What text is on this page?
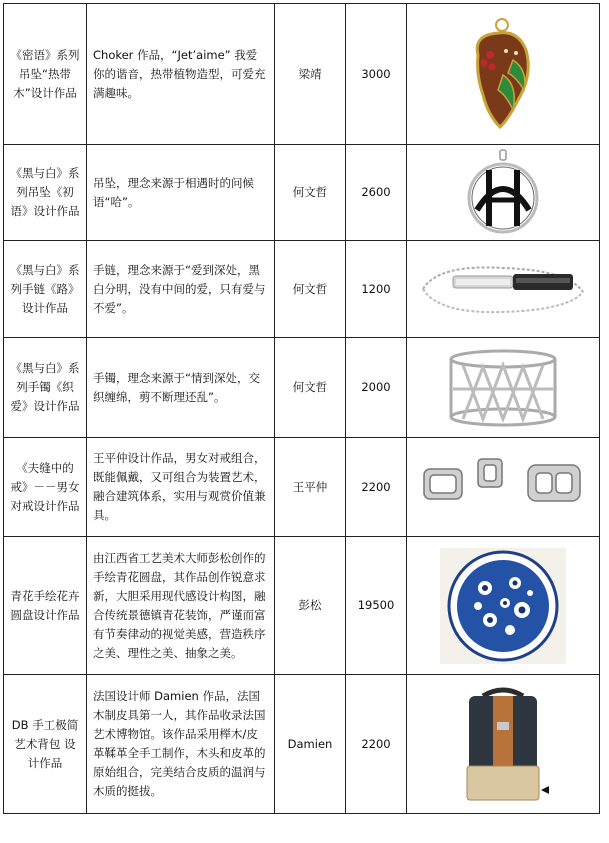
《密语》系列吊坠“热带木”设计作品	Choker 作品，“Jet’aime” 我爱你的谐音，热带植物造型，可爱充满趣味。	梁靖	3000	

《黑与白》系列吊坠《初语》设计作品	吊坠，理念来源于相遇时的问候语“哈”。	何文哲	2600	

《黑与白》系列手链《路》 设计作品	手链，理念来源于“爱到深处，黑白分明，没有中间的爱，只有爱与不爱”。	何文哲	1200	

《黑与白》系列手镯《织爱》设计作品	手镯，理念来源于“情到深处，交织缠绵，剪不断理还乱”。	何文哲	2000	

《夫缝中的戒》－－男女对戒设计作品	王平仲设计作品，男女对戒组合，既能佩戴，又可组合为装置艺术，融合建筑体系，实用与观赏价值兼具。	王平仲	2200	

青花手绘花卉圆盘设计作品	由江西省工艺美术大师彭松创作的手绘青花圆盘，其作品创作锐意求新，大胆采用现代感设计构图，融合传统景德镇青花装饰，严谨而富有节奏律动的视觉美感，营造秩序之美、理性之美、抽象之美。	彭松	19500	

DB 手工极简艺术背包 设计作品	法国设计师 Damien 作品，法国木制皮具第一人，其作品收录法国艺术博物馆。该作品采用榉木/皮革鞣革全手工制作，木头和皮革的原始组合，完美结合皮质的温润与木质的挺拔。	Damien	2200	
